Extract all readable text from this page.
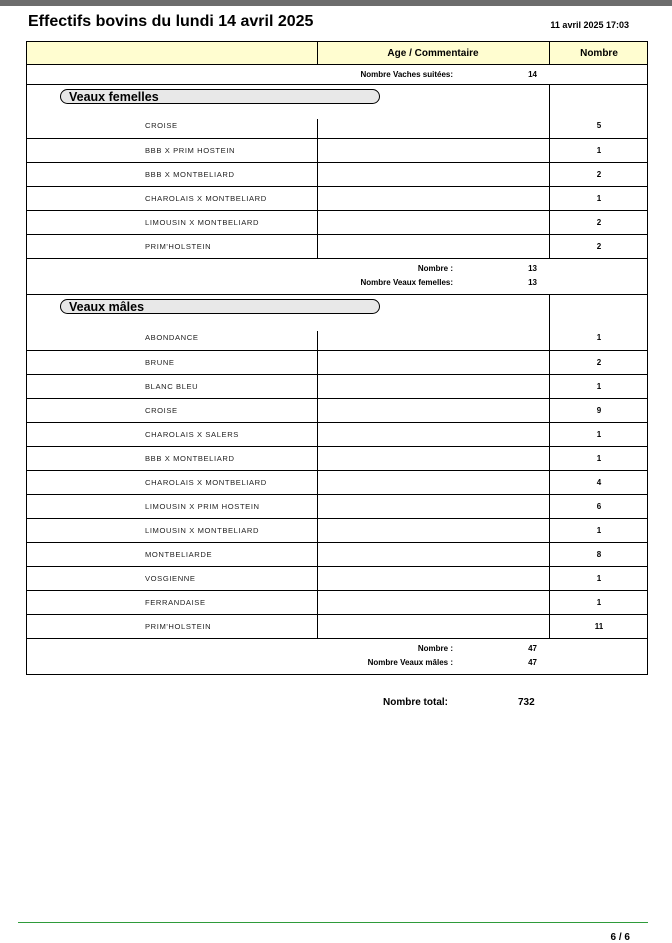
Effectifs bovins du lundi 14 avril 2025	11 avril 2025 17:03
Age / Commentaire	Nombre
Nombre Vaches suitées:	14
Veaux femelles
CROISE	5
BBB X PRIM HOSTEIN	1
BBB X MONTBELIARD	2
CHAROLAIS X MONTBELIARD	1
LIMOUSIN X MONTBELIARD	2
PRIM'HOLSTEIN	2
Nombre :	13
Nombre Veaux femelles:	13
Veaux mâles
ABONDANCE	1
BRUNE	2
BLANC BLEU	1
CROISE	9
CHAROLAIS X SALERS	1
BBB X MONTBELIARD	1
CHAROLAIS X MONTBELIARD	4
LIMOUSIN X PRIM HOSTEIN	6
LIMOUSIN X MONTBELIARD	1
MONTBELIARDE	8
VOSGIENNE	1
FERRANDAISE	1
PRIM'HOLSTEIN	11
Nombre :	47
Nombre Veaux mâles :	47
Nombre total:	732
6 / 6
